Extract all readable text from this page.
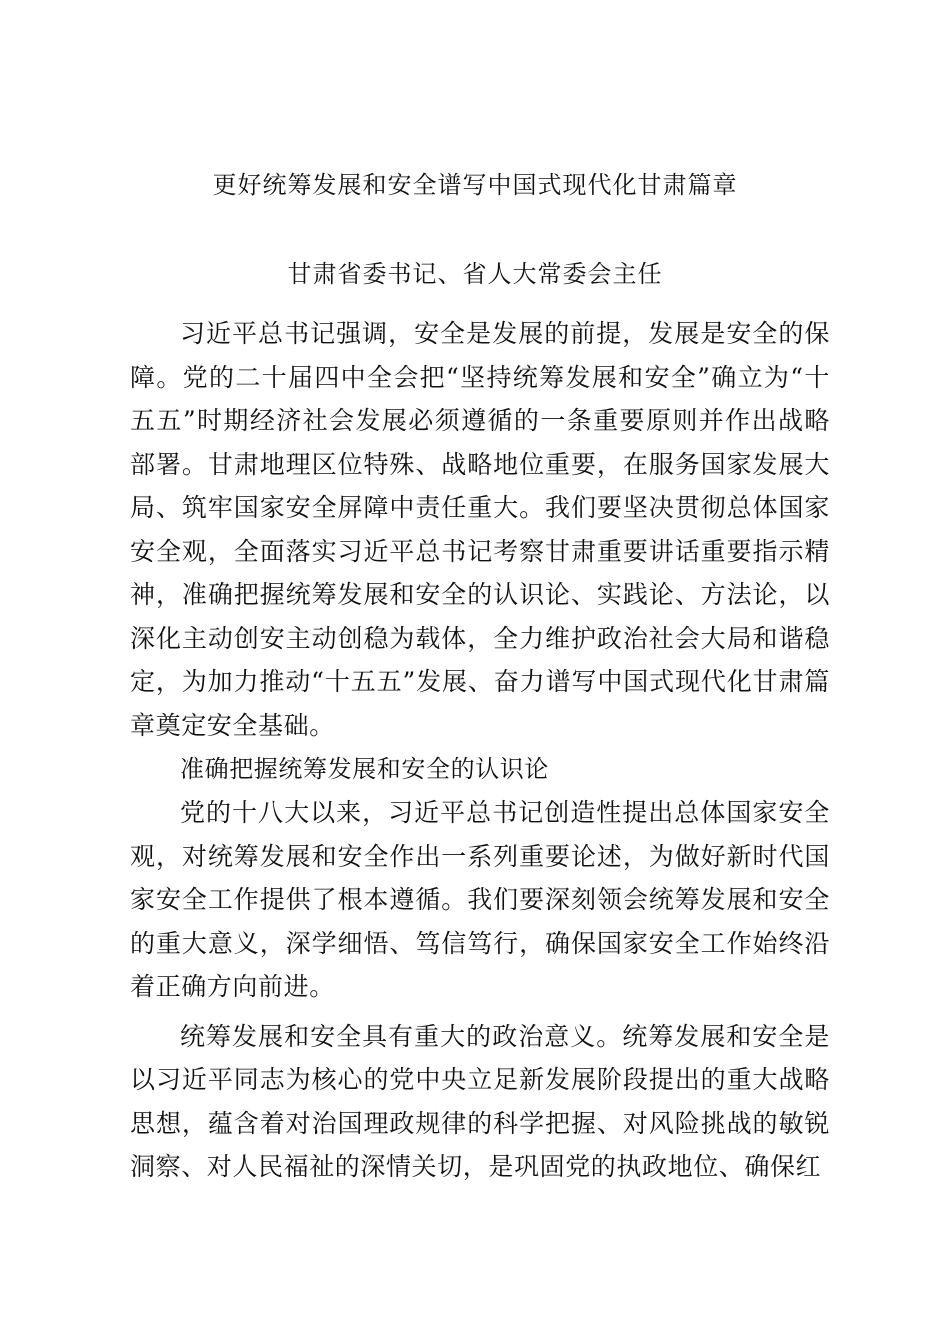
更好统筹发展和安全谱写中国式现代化甘肃篇章
甘肃省委书记、省人大常委会主任

习近平总书记强调，安全是发展的前提，发展是安全的保障。党的二十届四中全会把“坚持统筹发展和安全”确立为“十五五”时期经济社会发展必须遵循的一条重要原则并作出战略部署。甘肃地理区位特殊、战略地位重要，在服务国家发展大局、筑牢国家安全屏障中责任重大。我们要坚决贯彻总体国家安全观，全面落实习近平总书记考察甘肃重要讲话重要指示精神，准确把握统筹发展和安全的认识论、实践论、方法论，以深化主动创安主动创稳为载体，全力维护政治社会大局和谐稳定，为加力推动“十五五”发展、奋力谱写中国式现代化甘肃篇章奠定安全基础。

准确把握统筹发展和安全的认识论

党的十八大以来，习近平总书记创造性提出总体国家安全观，对统筹发展和安全作出一系列重要论述，为做好新时代国家安全工作提供了根本遵循。我们要深刻领会统筹发展和安全的重大意义，深学细悟、笃信笃行，确保国家安全工作始终沿着正确方向前进。

统筹发展和安全具有重大的政治意义。统筹发展和安全是以习近平同志为核心的党中央立足新发展阶段提出的重大战略思想，蕴含着对治国理政规律的科学把握、对风险挑战的敏锐洞察、对人民福祉的深情关切，是巩固党的执政地位、确保红
